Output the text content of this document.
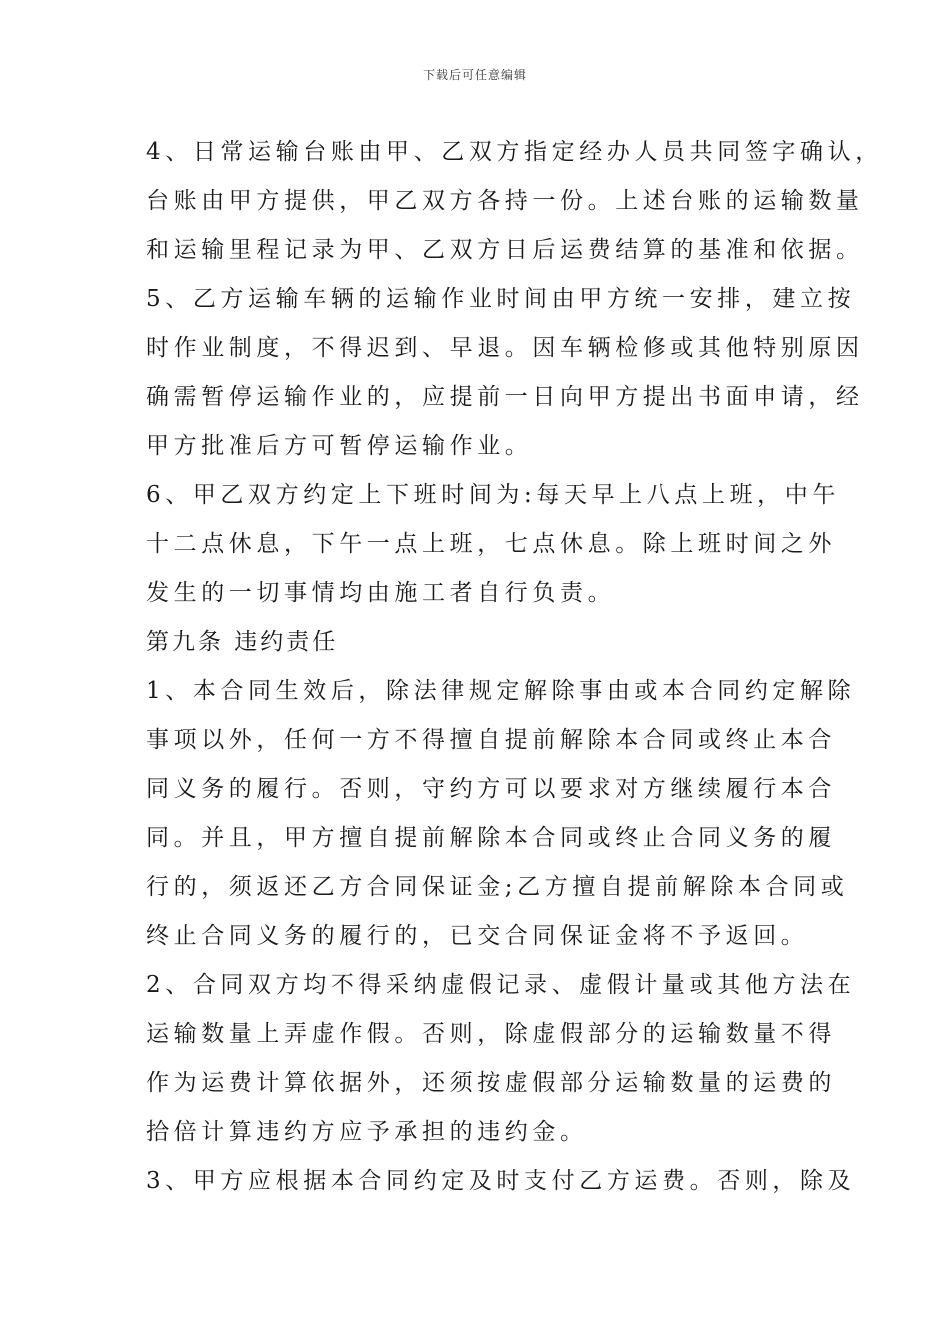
下载后可任意编辑
4、日常运输台账由甲、乙双方指定经办人员共同签字确认，
台账由甲方提供，甲乙双方各持一份。上述台账的运输数量
和运输里程记录为甲、乙双方日后运费结算的基准和依据。
5、乙方运输车辆的运输作业时间由甲方统一安排，建立按
时作业制度，不得迟到、早退。因车辆检修或其他特别原因
确需暂停运输作业的，应提前一日向甲方提出书面申请，经
甲方批准后方可暂停运输作业。
6、甲乙双方约定上下班时间为:每天早上八点上班，中午
十二点休息，下午一点上班，七点休息。除上班时间之外
发生的一切事情均由施工者自行负责。
第九条 违约责任
1、本合同生效后，除法律规定解除事由或本合同约定解除
事项以外，任何一方不得擅自提前解除本合同或终止本合
同义务的履行。否则，守约方可以要求对方继续履行本合
同。并且，甲方擅自提前解除本合同或终止合同义务的履
行的，须返还乙方合同保证金;乙方擅自提前解除本合同或
终止合同义务的履行的，已交合同保证金将不予返回。
2、合同双方均不得采纳虚假记录、虚假计量或其他方法在
运输数量上弄虚作假。否则，除虚假部分的运输数量不得
作为运费计算依据外，还须按虚假部分运输数量的运费的
拾倍计算违约方应予承担的违约金。
3、甲方应根据本合同约定及时支付乙方运费。否则，除及
